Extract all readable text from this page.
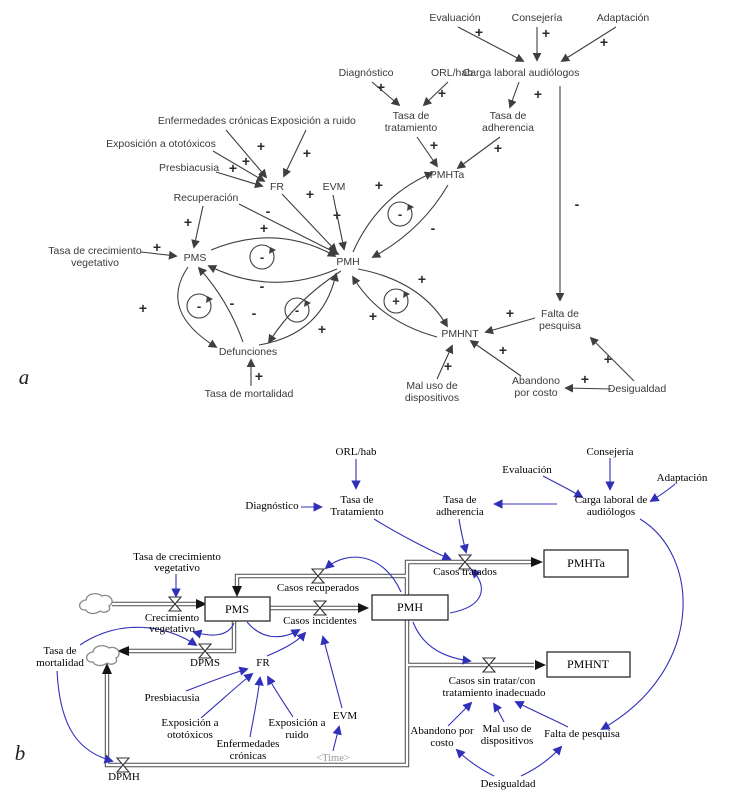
a
-
-	-
-
+
+	+
+
+	+	+
+	+
+	+
+
+
+
+
+
-
+
+
-
+	-
-
+
+
+
-
+
+
-
+
+
+
+
+
Evaluación	Consejería	Adaptación
Carga laboral audiólogos
Diagnóstico	ORL/hab
Tasa de
tratamiento
Tasa de
adherencia
Enfermedades crónicas Exposición a ruido
Exposición a ototóxicos
Presbiacusia
FR	EVM
Recuperación
Tasa de crecimiento
vegetativo	PMS	PMH
PMHTa
PMHNT
Defunciones
Tasa de mortalidad
Falta de
pesquisa
Mal uso de
dispositivos
Abandono
por costo	Desigualdad
b
PMS	PMH
PMHTa
PMHNT
Casos recuperados
Casos incidentes
Casos tratados
Crecimiento
vegetativo
DPMS
Casos sin tratar/con
tratamiento inadecuado
DPMH
ORL/hab	Consejería
Evaluación
Adaptación
Diagnóstico	Tasa de
Tratamiento
Tasa de
adherencia
Carga laboral de
audiólogos
Tasa de crecimiento
vegetativo
Tasa de
mortalidad	FR
Presbiacusia
Exposición a
ototóxicos
Enfermedades
crónicas
Exposición a
ruido
EVM
<Time>
Abandono por
costo
Mal uso de
dispositivos
Falta de pesquisa
Desigualdad
